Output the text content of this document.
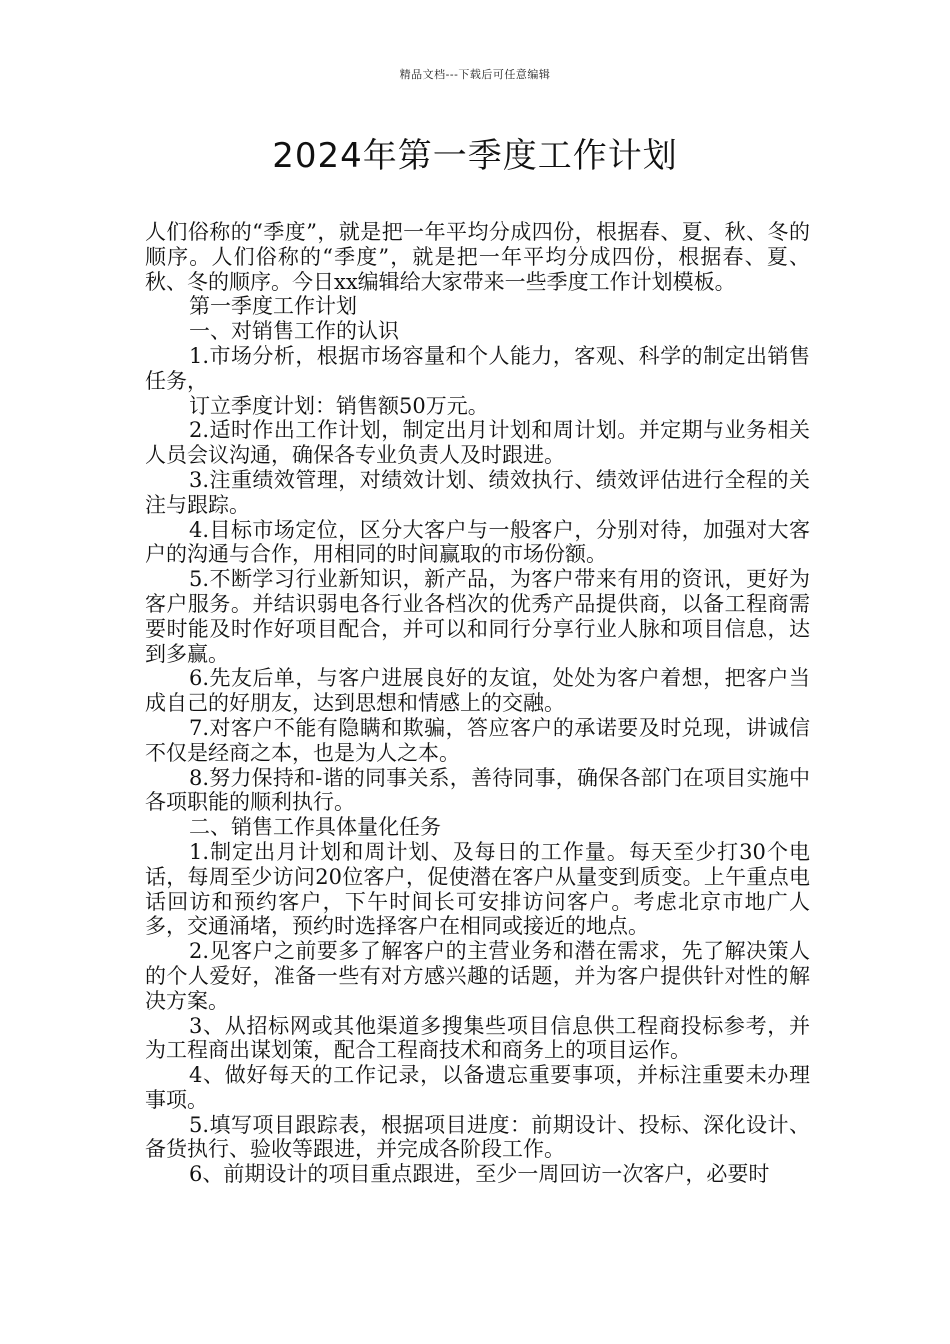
精品文档---下载后可任意编辑
2024年第一季度工作计划

人们俗称的“季度”，就是把一年平均分成四份，根据春、夏、秋、冬的顺序。人们俗称的“季度”，就是把一年平均分成四份，根据春、夏、秋、冬的顺序。今日xx编辑给大家带来一些季度工作计划模板。

第一季度工作计划

一、对销售工作的认识

1.市场分析，根据市场容量和个人能力，客观、科学的制定出销售任务，

订立季度计划：销售额50万元。

2.适时作出工作计划，制定出月计划和周计划。并定期与业务相关人员会议沟通，确保各专业负责人及时跟进。

3.注重绩效管理，对绩效计划、绩效执行、绩效评估进行全程的关注与跟踪。

4.目标市场定位，区分大客户与一般客户，分别对待，加强对大客户的沟通与合作，用相同的时间赢取的市场份额。

5.不断学习行业新知识，新产品，为客户带来有用的资讯，更好为客户服务。并结识弱电各行业各档次的优秀产品提供商，以备工程商需要时能及时作好项目配合，并可以和同行分享行业人脉和项目信息，达到多赢。

6.先友后单，与客户进展良好的友谊，处处为客户着想，把客户当成自己的好朋友，达到思想和情感上的交融。

7.对客户不能有隐瞒和欺骗，答应客户的承诺要及时兑现，讲诚信不仅是经商之本，也是为人之本。

8.努力保持和-谐的同事关系，善待同事，确保各部门在项目实施中各项职能的顺利执行。

二、销售工作具体量化任务

1.制定出月计划和周计划、及每日的工作量。每天至少打30个电话，每周至少访问20位客户，促使潜在客户从量变到质变。上午重点电话回访和预约客户，下午时间长可安排访问客户。考虑北京市地广人多，交通涌堵，预约时选择客户在相同或接近的地点。

2.见客户之前要多了解客户的主营业务和潜在需求，先了解决策人的个人爱好，准备一些有对方感兴趣的话题，并为客户提供针对性的解决方案。

3、从招标网或其他渠道多搜集些项目信息供工程商投标参考，并为工程商出谋划策，配合工程商技术和商务上的项目运作。

4、做好每天的工作记录，以备遗忘重要事项，并标注重要未办理事项。

5.填写项目跟踪表，根据项目进度：前期设计、投标、深化设计、备货执行、验收等跟进，并完成各阶段工作。

6、前期设计的项目重点跟进，至少一周回访一次客户，必要时
